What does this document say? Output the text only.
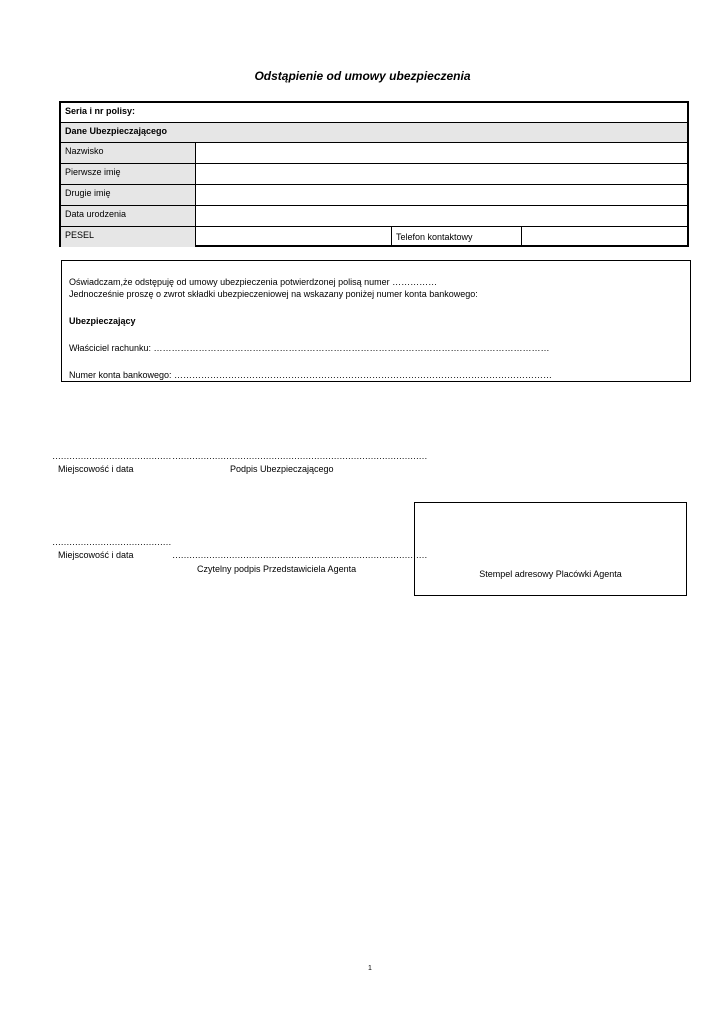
Odstąpienie od umowy ubezpieczenia
Seria i nr polisy:
Dane Ubezpieczającego
Nazwisko
Pierwsze imię
Drugie imię
Data urodzenia
PESEL	Telefon kontaktowy
Oświadczam,że odstępuję od umowy ubezpieczenia potwierdzonej polisą numer ……………
Jednocześnie proszę o zwrot składki ubezpieczeniowej na wskazany poniżej numer konta bankowego:
Ubezpieczający
Właściciel rachunku: ……………………………………………………………………………………………………………………
Numer konta bankowego: ………………………………………………………………………………………………………………
…………………………………… ………………………………………………………………………………
Miejscowość i data	Podpis Ubezpieczającego
……………………………………
Miejscowość i data	………………………………………………………………………………
Czytelny podpis Przedstawiciela Agenta	Stempel adresowy Placówki Agenta
1
